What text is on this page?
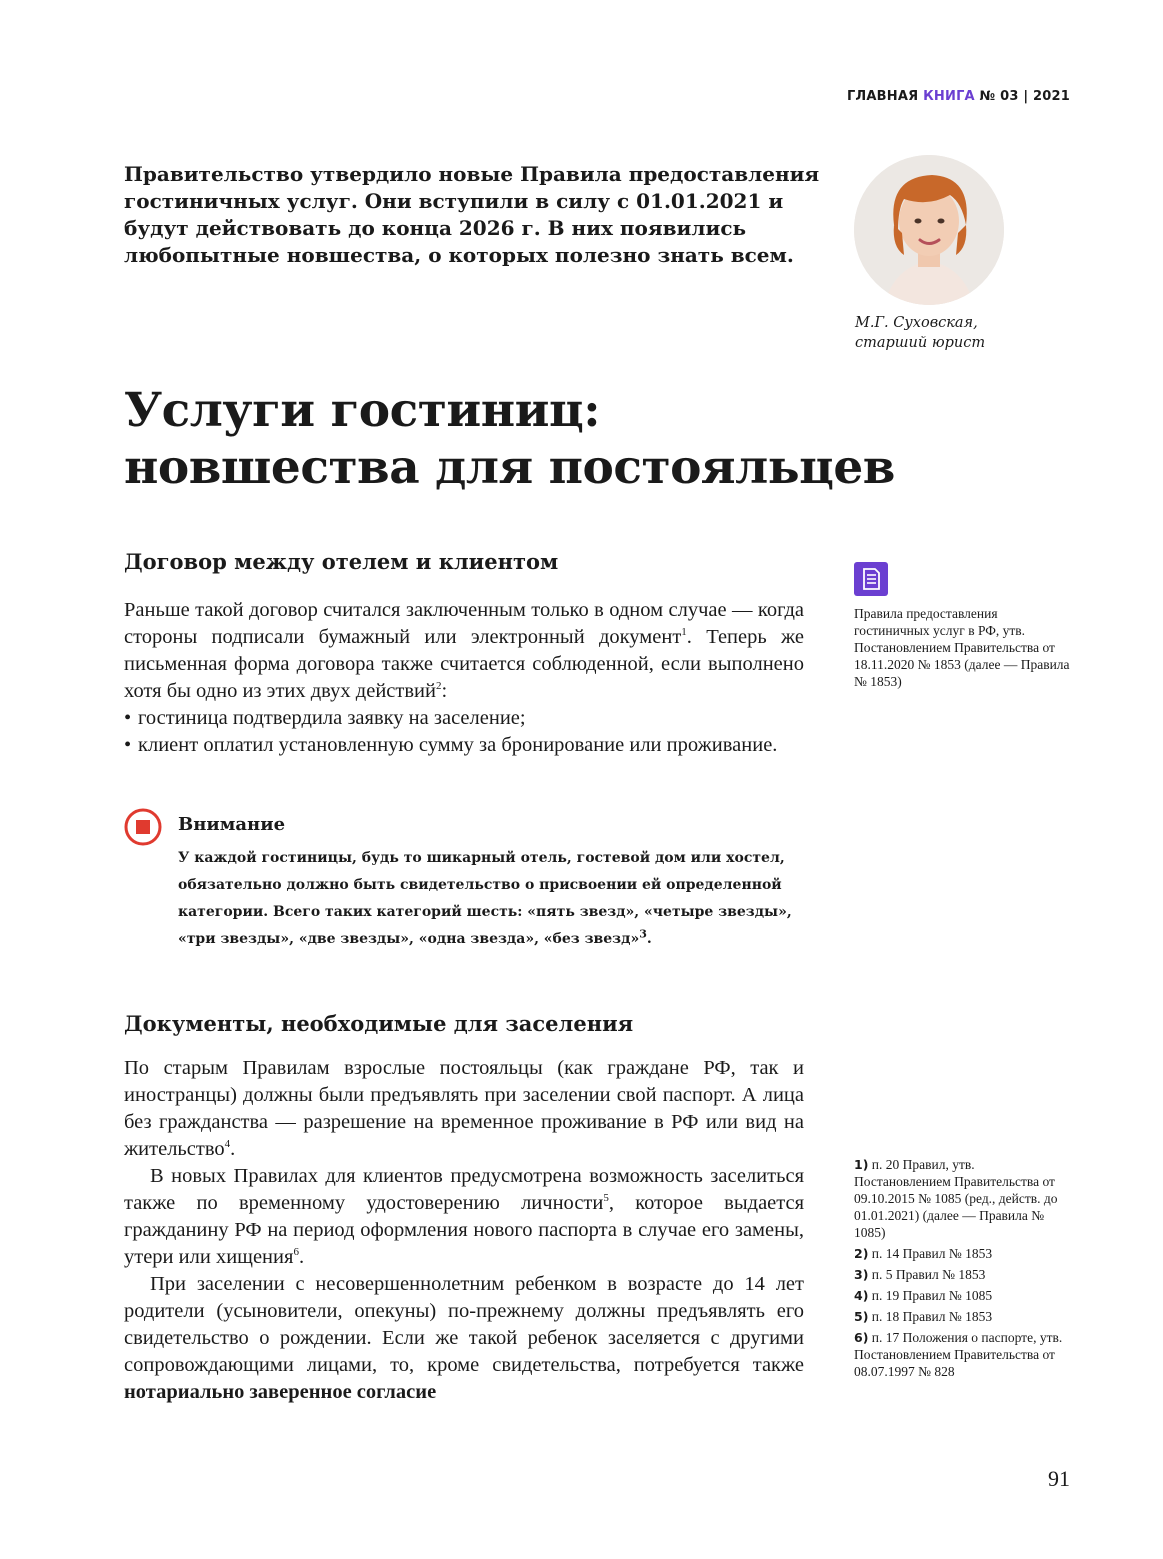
ГЛАВНАЯ КНИГА № 03 | 2021
Правительство утвердило новые Правила предоставления гостиничных услуг. Они вступили в силу с 01.01.2021 и будут действовать до конца 2026 г. В них появились любопытные новшества, о которых полезно знать всем.
М.Г. Суховская,
старший юрист
Услуги гостиниц:
новшества для постояльцев
Договор между отелем и клиентом

Раньше такой договор считался заключенным только в одном случае — когда стороны подписали бумажный или электронный документ$^1$. Теперь же письменная форма договора также считается соблюденной, если выполнено хотя бы одно из этих двух действий$^2$:

• гостиница подтвердила заявку на заселение;
• клиент оплатил установленную сумму за бронирование или проживание.
Правила предоставления гостиничных услуг в РФ, утв. Постановлением Правительства от 18.11.2020 № 1853 (далее — Правила № 1853)
Внимание
У каждой гостиницы, будь то шикарный отель, гостевой дом или хостел, обязательно должно быть свидетельство о присвоении ей определенной категории. Всего таких категорий шесть: «пять звезд», «четыре звезды», «три звезды», «две звезды», «одна звезда», «без звезд»$^3$.
Документы, необходимые для заселения

По старым Правилам взрослые постояльцы (как граждане РФ, так и иностранцы) должны были предъявлять при заселении свой паспорт. А лица без гражданства — разрешение на временное проживание в РФ или вид на жительство$^4$.

В новых Правилах для клиентов предусмотрена возможность заселиться также по временному удостоверению личности$^5$, которое выдается гражданину РФ на период оформления нового паспорта в случае его замены, утери или хищения$^6$.

При заселении с несовершеннолетним ребенком в возрасте до 14 лет родители (усыновители, опекуны) по-прежнему должны предъявлять его свидетельство о рождении. Если же такой ребенок заселяется с другими сопровождающими лицами, то, кроме свидетельства, потребуется также нотариально заверенное согласие

1) п. 20 Правил, утв. Постановлением Правительства от 09.10.2015 № 1085 (ред., действ. до 01.01.2021) (далее — Правила № 1085)
2) п. 14 Правил № 1853
3) п. 5 Правил № 1853
4) п. 19 Правил № 1085
5) п. 18 Правил № 1853
6) п. 17 Положения о паспорте, утв. Постановлением Правительства от 08.07.1997 № 828
91
